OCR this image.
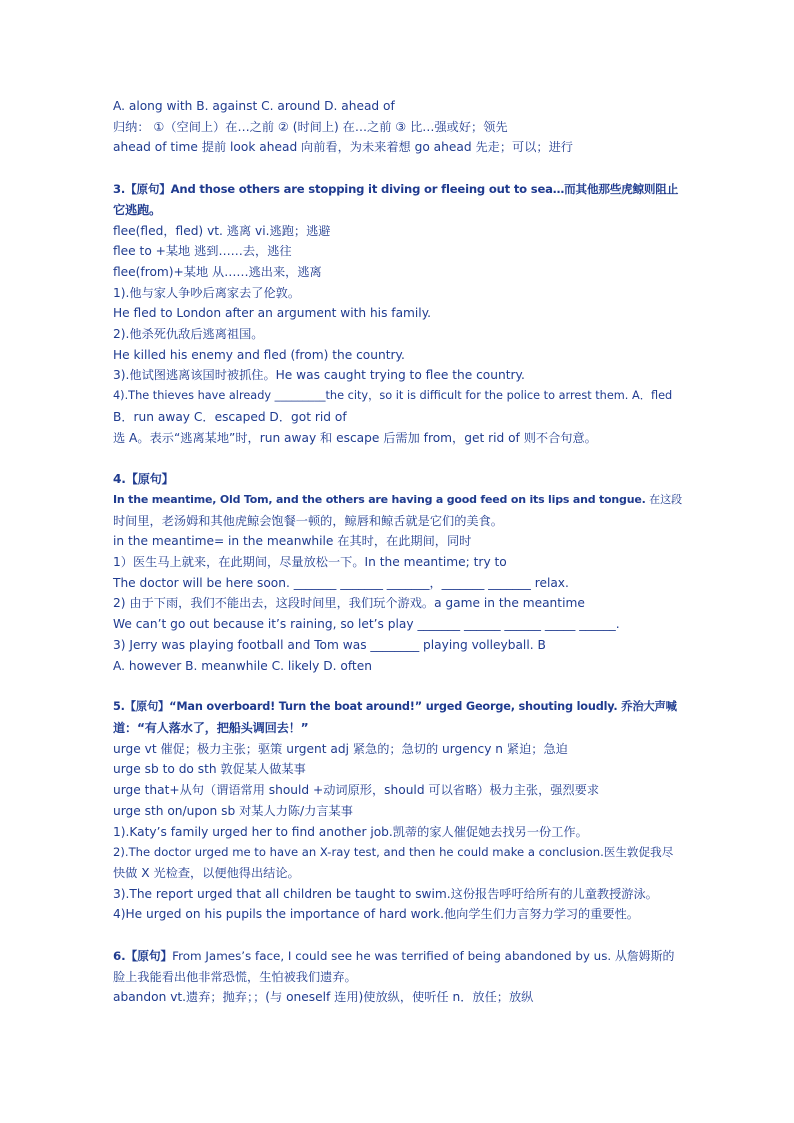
A. along with B. against C. around D. ahead of
归纳： ①（空间上）在…之前 ② (时间上) 在…之前 ③ 比…强或好；领先
ahead of time 提前 look ahead 向前看，为未来着想 go ahead 先走；可以；进行
3.【原句】And those others are stopping it diving or fleeing out to sea…而其他那些虎鲸则阻止
它逃跑。
flee(fled，fled) vt. 逃离 vi.逃跑；逃避
flee to +某地 逃到……去，逃往
flee(from)+某地 从……逃出来，逃离
1).他与家人争吵后离家去了伦敦。
He fled to London after an argument with his family.
2).他杀死仇敌后逃离祖国。
He killed his enemy and fled (from) the country.
3).他试图逃离该国时被抓住。He was caught trying to flee the country.
4).The thieves have already _________the city，so it is difficult for the police to arrest them. A．fled
B．run away C．escaped D．got rid of
选 A。表示“逃离某地”时，run away 和 escape 后需加 from，get rid of 则不合句意。
4.【原句】
In the meantime, Old Tom, and the others are having a good feed on its lips and tongue. 在这段
时间里，老汤姆和其他虎鲸会饱餐一顿的，鲸唇和鲸舌就是它们的美食。
in the meantime= in the meanwhile 在其时，在此期间，同时
1）医生马上就来，在此期间，尽量放松一下。In the meantime; try to
The doctor will be here soon. _______ _______ _______，_______ _______ relax.
2) 由于下雨，我们不能出去，这段时间里，我们玩个游戏。a game in the meantime
We can’t go out because it’s raining, so let’s play _______ ______ ______ _____ ______.
3) Jerry was playing football and Tom was ________ playing volleyball. B
A. however B. meanwhile C. likely D. often
5.【原句】“Man overboard! Turn the boat around!” urged George, shouting loudly. 乔治大声喊
道：“有人落水了，把船头调回去！”
urge vt 催促；极力主张；驱策 urgent adj 紧急的；急切的 urgency n 紧迫；急迫
urge sb to do sth 敦促某人做某事
urge that+从句（谓语常用 should +动词原形，should 可以省略）极力主张，强烈要求
urge sth on/upon sb 对某人力陈/力言某事
1).Katy’s family urged her to find another job.凯蒂的家人催促她去找另一份工作。
2).The doctor urged me to have an X-ray test, and then he could make a conclusion.医生敦促我尽
快做 X 光检查，以便他得出结论。
3).The report urged that all children be taught to swim.这份报告呼吁给所有的儿童教授游泳。
4)He urged on his pupils the importance of hard work.他向学生们力言努力学习的重要性。
6.【原句】From James’s face, I could see he was terrified of being abandoned by us. 从詹姆斯的
脸上我能看出他非常恐慌，生怕被我们遗弃。
abandon vt.遗弃；抛弃；；(与 oneself 连用)使放纵，使听任 n．放任；放纵
